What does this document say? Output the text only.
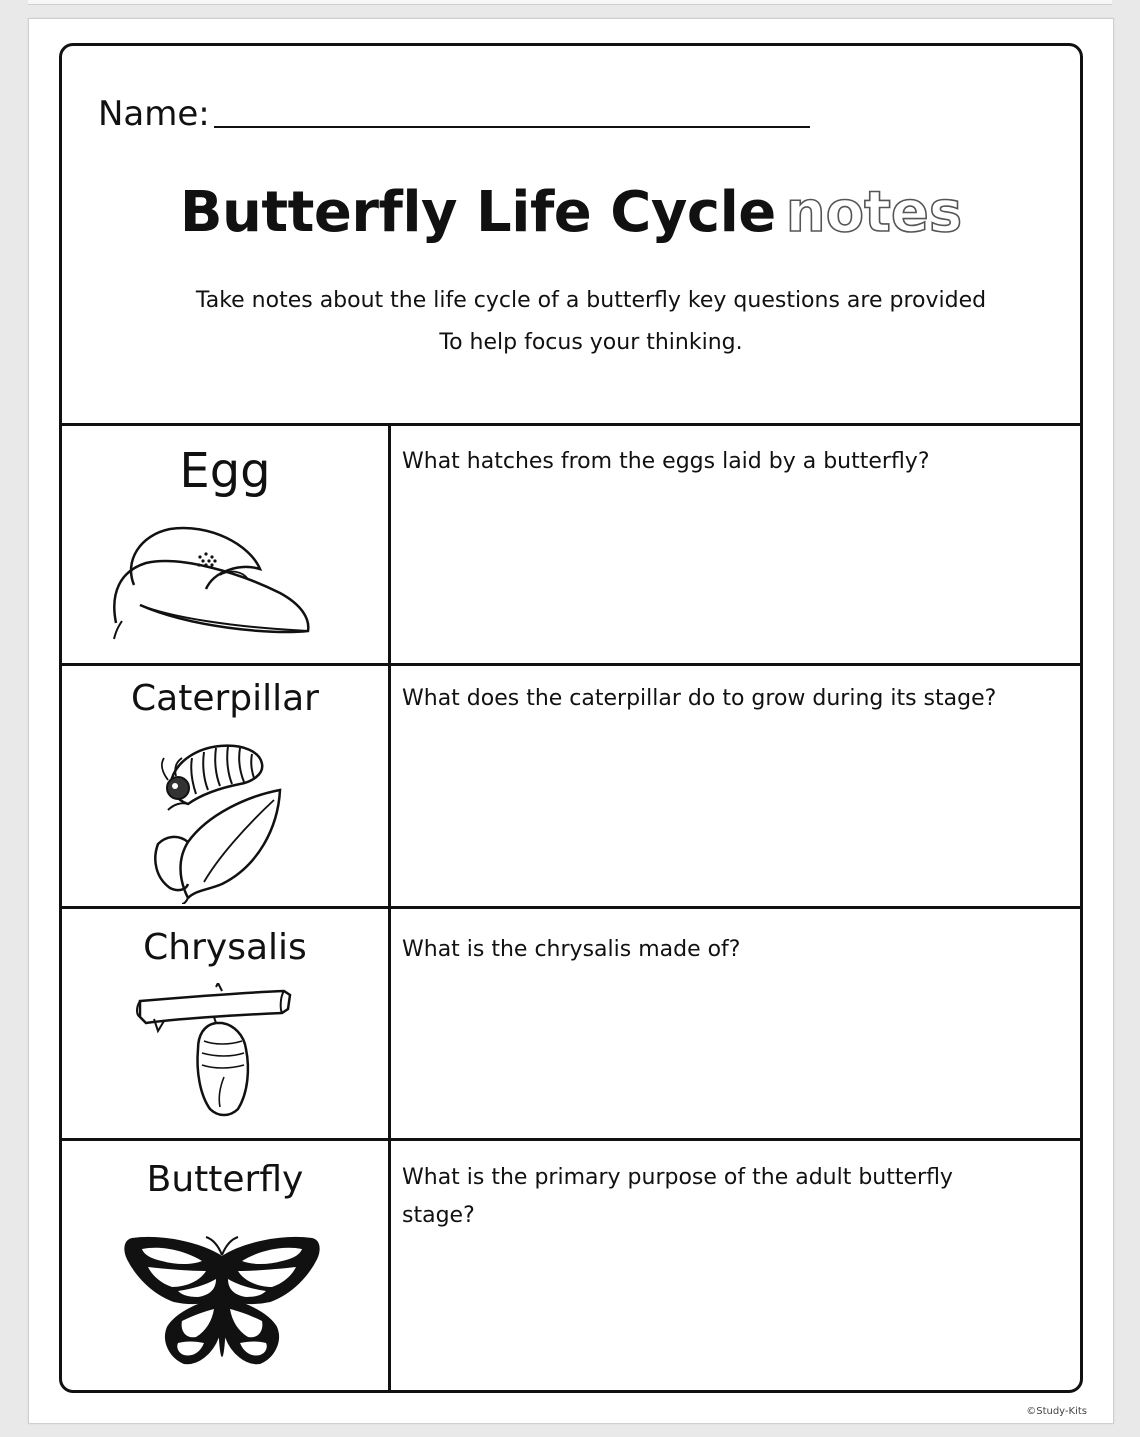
Name:
Butterfly Life Cycle notes
Take notes about the life cycle of a butterfly key questions are provided
To help focus your thinking.
Egg	What hatches from the eggs laid by a butterfly?
Caterpillar	What does the caterpillar do to grow during its stage?
Chrysalis	What is the chrysalis made of?
Butterfly	What is the primary purpose of the adult butterfly stage?
©Study-Kits
